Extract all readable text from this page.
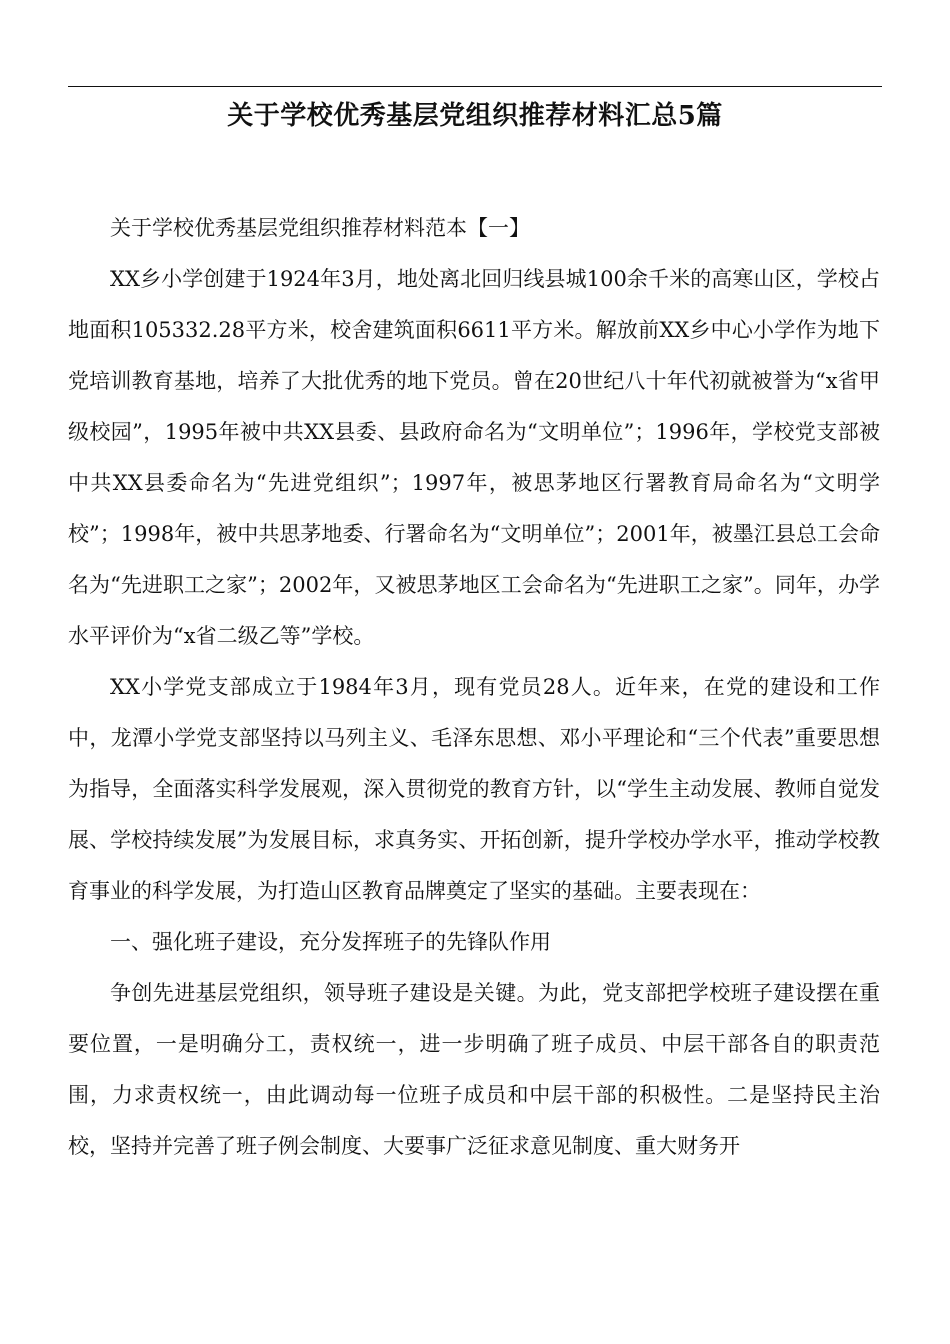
关于学校优秀基层党组织推荐材料汇总5篇

关于学校优秀基层党组织推荐材料范本【一】

XX乡小学创建于1924年3月，地处离北回归线县城100余千米的高寒山区，学校占地面积105332.28平方米，校舍建筑面积6611平方米。解放前XX乡中心小学作为地下党培训教育基地，培养了大批优秀的地下党员。曾在20世纪八十年代初就被誉为“x省甲级校园”，1995年被中共XX县委、县政府命名为“文明单位”；1996年，学校党支部被中共XX县委命名为“先进党组织”；1997年，被思茅地区行署教育局命名为“文明学校”；1998年，被中共思茅地委、行署命名为“文明单位”；2001年，被墨江县总工会命名为“先进职工之家”；2002年，又被思茅地区工会命名为“先进职工之家”。同年，办学水平评价为“x省二级乙等”学校。

XX小学党支部成立于1984年3月，现有党员28人。近年来，在党的建设和工作中，龙潭小学党支部坚持以马列主义、毛泽东思想、邓小平理论和“三个代表”重要思想为指导，全面落实科学发展观，深入贯彻党的教育方针，以“学生主动发展、教师自觉发展、学校持续发展”为发展目标，求真务实、开拓创新，提升学校办学水平，推动学校教育事业的科学发展，为打造山区教育品牌奠定了坚实的基础。主要表现在：

一、强化班子建设，充分发挥班子的先锋队作用

争创先进基层党组织，领导班子建设是关键。为此，党支部把学校班子建设摆在重要位置，一是明确分工，责权统一，进一步明确了班子成员、中层干部各自的职责范围，力求责权统一，由此调动每一位班子成员和中层干部的积极性。二是坚持民主治校，坚持并完善了班子例会制度、大要事广泛征求意见制度、重大财务开
